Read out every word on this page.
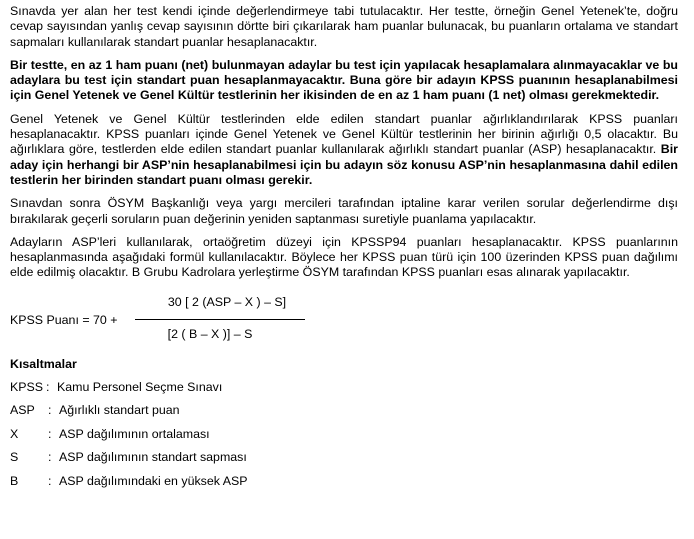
Sınavda yer alan her test kendi içinde değerlendirmeye tabi tutulacaktır. Her testte, örneğin Genel Yetenek’te, doğru cevap sayısından yanlış cevap sayısının dörtte biri çıkarılarak ham puanlar bulunacak, bu puanların ortalama ve standart sapmaları kullanılarak standart puanlar hesaplanacaktır.

Bir testte, en az 1 ham puanı (net) bulunmayan adaylar bu test için yapılacak hesaplamalara alınmayacaklar ve bu adaylara bu test için standart puan hesaplanmayacaktır. Buna göre bir adayın KPSS puanının hesaplanabilmesi için Genel Yetenek ve Genel Kültür testlerinin her ikisinden de en az 1 ham puanı (1 net) olması gerekmektedir.

Genel Yetenek ve Genel Kültür testlerinden elde edilen standart puanlar ağırlıklandırılarak KPSS puanları hesaplanacaktır. KPSS puanları içinde Genel Yetenek ve Genel Kültür testlerinin her birinin ağırlığı 0,5 olacaktır. Bu ağırlıklara göre, testlerden elde edilen standart puanlar kullanılarak ağırlıklı standart puanlar (ASP) hesaplanacaktır. Bir aday için herhangi bir ASP’nin hesaplanabilmesi için bu adayın söz konusu ASP’nin hesaplanmasına dahil edilen testlerin her birinden standart puanı olması gerekir.

Sınavdan sonra ÖSYM Başkanlığı veya yargı mercileri tarafından iptaline karar verilen sorular değerlendirme dışı bırakılarak geçerli soruların puan değerinin yeniden saptanması suretiyle puanlama yapılacaktır.

Adayların ASP’leri kullanılarak, ortaöğretim düzeyi için KPSSP94 puanları hesaplanacaktır. KPSS puanlarının hesaplanmasında aşağıdaki formül kullanılacaktır. Böylece her KPSS puan türü için 100 üzerinden KPSS puan dağılımı elde edilmiş olacaktır. B Grubu Kadrolara yerleştirme ÖSYM tarafından KPSS puanları esas alınarak yapılacaktır.

KPSS Puanı = 70 +
30 [ 2 (ASP – X ) – S]
[2 ( B – X )] – S
Kısaltmalar
KPSS : Kamu Personel Seçme Sınavı
ASP : Ağırlıklı standart puan
X : ASP dağılımının ortalaması
S : ASP dağılımının standart sapması
B : ASP dağılımındaki en yüksek ASP
